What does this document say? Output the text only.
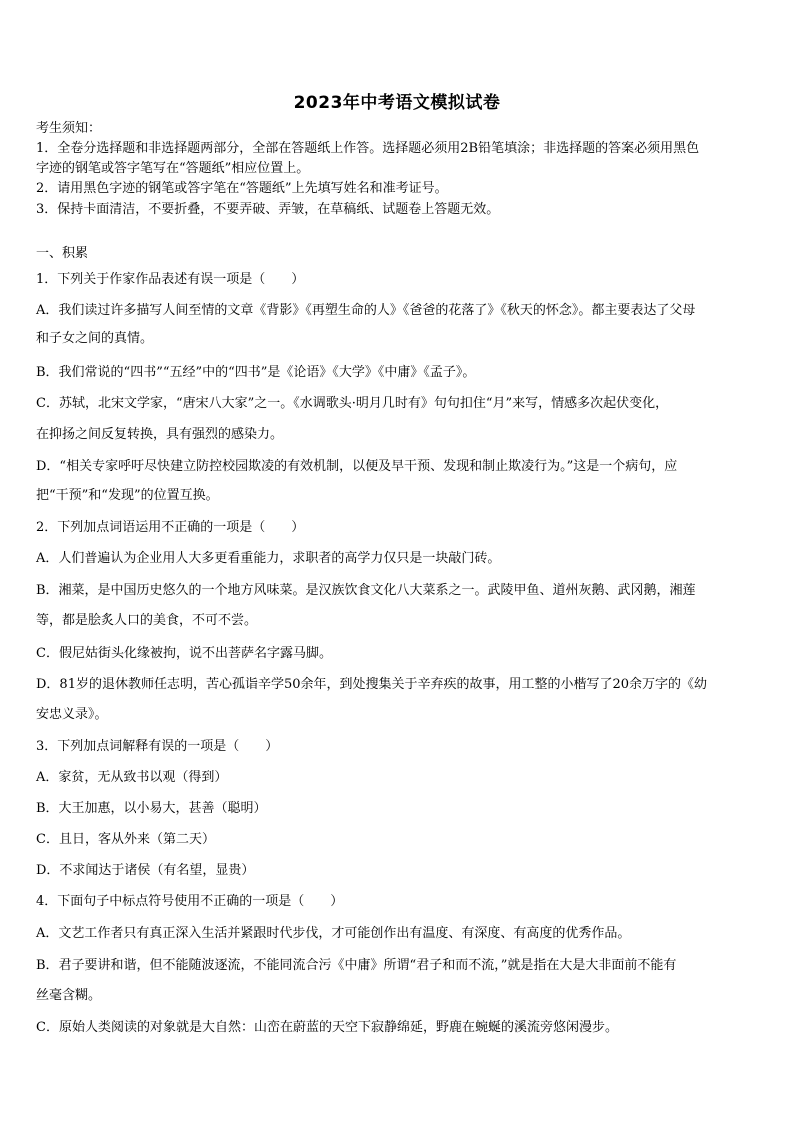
2023年中考语文模拟试卷
考生须知：
1．全卷分选择题和非选择题两部分，全部在答题纸上作答。选择题必须用2B铅笔填涂；非选择题的答案必须用黑色
字迹的钢笔或答字笔写在“答题纸”相应位置上。
2．请用黑色字迹的钢笔或答字笔在“答题纸”上先填写姓名和准考证号。
3．保持卡面清洁，不要折叠，不要弄破、弄皱，在草稿纸、试题卷上答题无效。
一、积累
1．下列关于作家作品表述有误一项是（　　）
A．我们读过许多描写人间至情的文章《背影》《再塑生命的人》《爸爸的花落了》《秋天的怀念》。都主要表达了父母
和子女之间的真情。
B．我们常说的“四书”“五经”中的“四书”是《论语》《大学》《中庸》《孟子》。
C．苏轼，北宋文学家，“唐宋八大家”之一。《水调歌头·明月几时有》句句扣住“月”来写，情感多次起伏变化，
在抑扬之间反复转换，具有强烈的感染力。
D．“相关专家呼吁尽快建立防控校园欺凌的有效机制，以便及早干预、发现和制止欺凌行为。”这是一个病句，应
把“干预”和“发现”的位置互换。
2．下列加点词语运用不正确的一项是（　　）
A．人们普遍认为企业用人大多更看重能力，求职者的高学力仅只是一块敲门砖。
B．湘菜，是中国历史悠久的一个地方风味菜。是汉族饮食文化八大菜系之一。武陵甲鱼、道州灰鹅、武冈鹅，湘莲
等，都是脍炙人口的美食，不可不尝。
C．假尼姑街头化缘被拘，说不出菩萨名字露马脚。
D．81岁的退休教师任志明，苦心孤诣辛学50余年，到处搜集关于辛弃疾的故事，用工整的小楷写了20余万字的《幼
安忠义录》。
3．下列加点词解释有误的一项是（　　）
A．家贫，无从致书以观（得到）
B．大王加惠，以小易大，甚善（聪明）
C．且日，客从外来（第二天）
D．不求闻达于诸侯（有名望，显贵）
4．下面句子中标点符号使用不正确的一项是（　　）
A．文艺工作者只有真正深入生活并紧跟时代步伐，才可能创作出有温度、有深度、有高度的优秀作品。
B．君子要讲和谐，但不能随波逐流，不能同流合污《中庸》所谓“君子和而不流，”就是指在大是大非面前不能有
丝毫含糊。
C．原始人类阅读的对象就是大自然：山峦在蔚蓝的天空下寂静绵延，野鹿在蜿蜒的溪流旁悠闲漫步。
